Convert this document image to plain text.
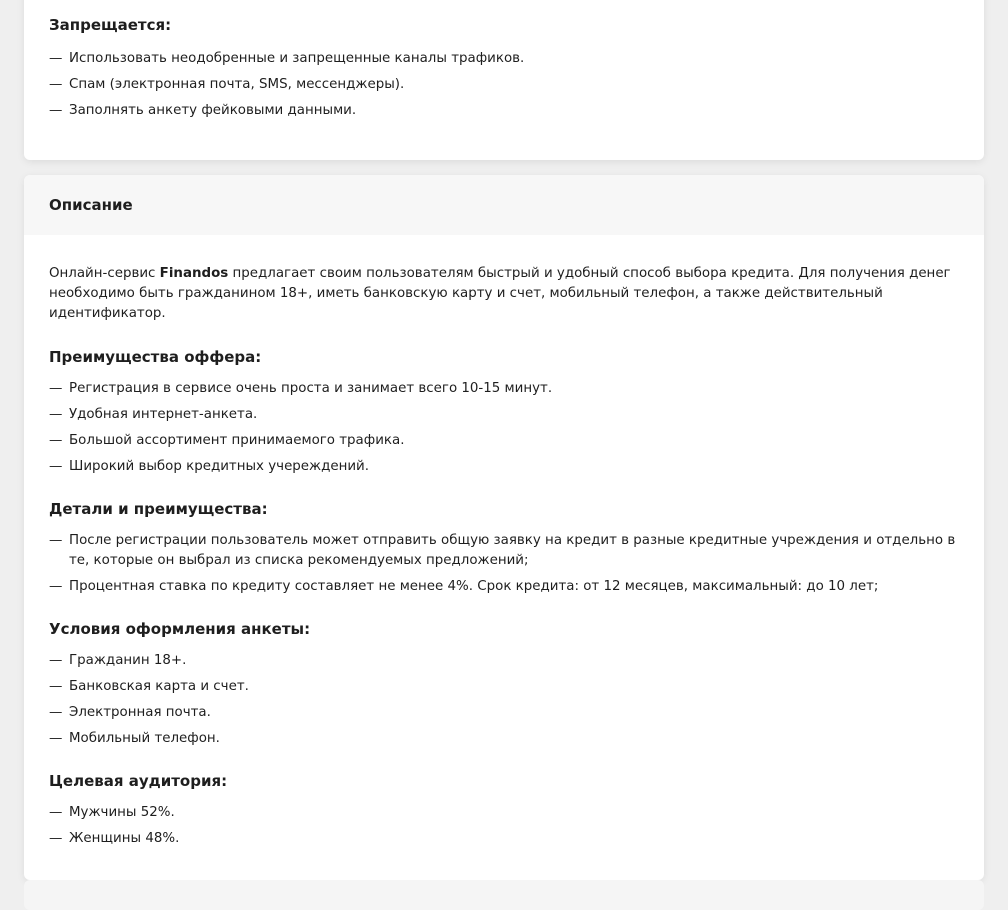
Запрещается:
— Использовать неодобренные и запрещенные каналы трафиков.
— Спам (электронная почта, SMS, мессенджеры).
— Заполнять анкету фейковыми данными.
Описание

Онлайн-сервис Finandos предлагает своим пользователям быстрый и удобный способ выбора кредита. Для получения денег необходимо быть гражданином 18+, иметь банковскую карту и счет, мобильный телефон, а также действительный идентификатор.

Преимущества оффера:
— Регистрация в сервисе очень проста и занимает всего 10-15 минут.
— Удобная интернет-анкета.
— Большой ассортимент принимаемого трафика.
— Широкий выбор кредитных учереждений.
Детали и преимущества:
— После регистрации пользователь может отправить общую заявку на кредит в разные кредитные учреждения и отдельно в те, которые он выбрал из списка рекомендуемых предложений;
— Процентная ставка по кредиту составляет не менее 4%. Срок кредита: от 12 месяцев, максимальный: до 10 лет;
Условия оформления анкеты:
— Гражданин 18+.
— Банковская карта и счет.
— Электронная почта.
— Мобильный телефон.
Целевая аудитория:
— Мужчины 52%.
— Женщины 48%.
